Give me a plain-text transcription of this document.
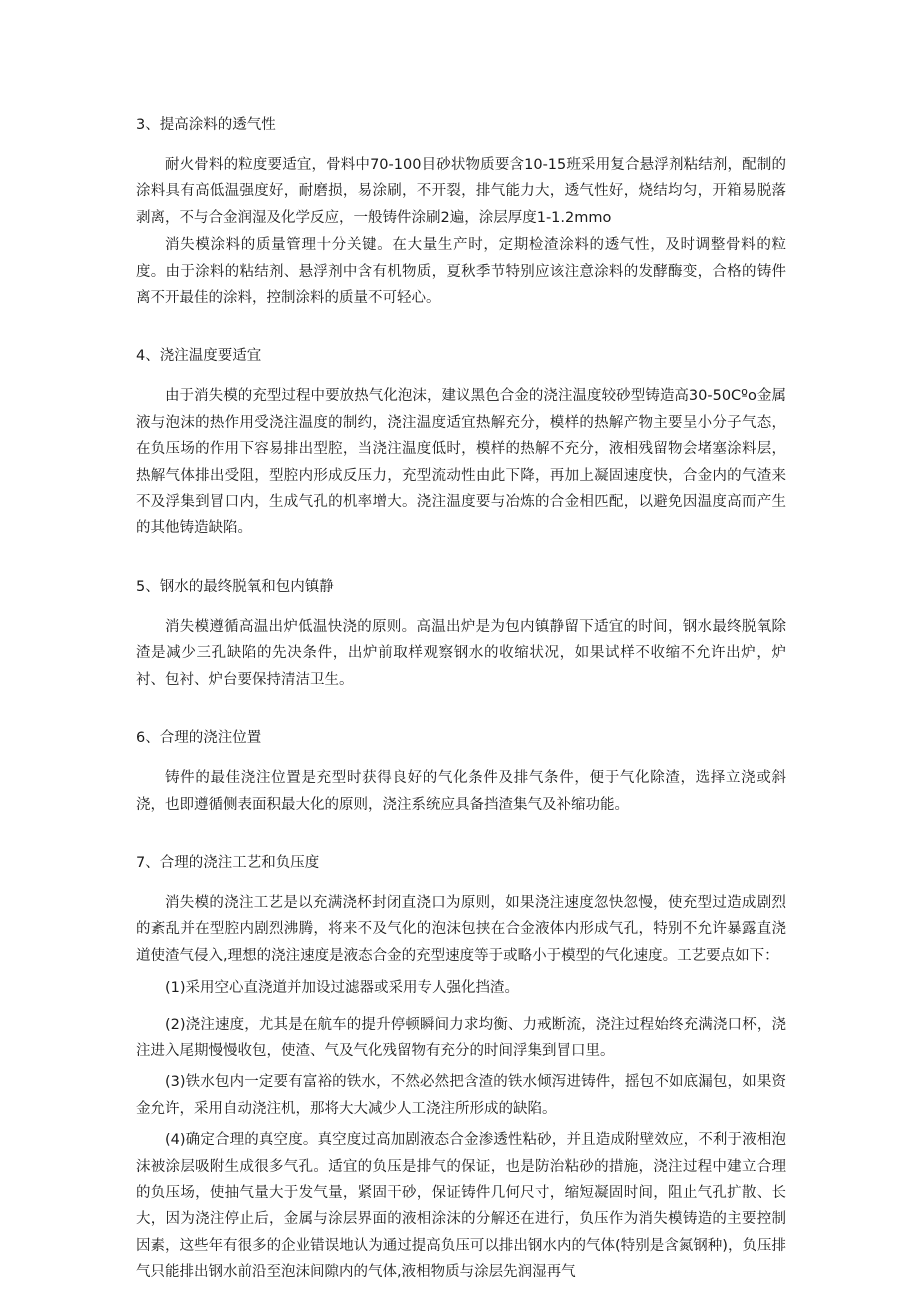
3、提高涂料的透气性

耐火骨料的粒度要适宜，骨料中70-100目砂状物质要含10-15班采用复合悬浮剂粘结剂，配制的涂料具有高低温强度好，耐磨损，易涂刷，不开裂，排气能力大，透气性好，烧结均匀，开箱易脱落剥离，不与合金润湿及化学反应，一般铸件涂刷2遍，涂层厚度1-1.2mmo

消失模涂料的质量管理十分关键。在大量生产时，定期检渣涂料的透气性，及时调整骨料的粒度。由于涂料的粘结剂、悬浮剂中含有机物质，夏秋季节特别应该注意涂料的发酵酶变，合格的铸件离不开最佳的涂料，控制涂料的质量不可轻心。

4、浇注温度要适宜

由于消失模的充型过程中要放热气化泡沫，建议黑色合金的浇注温度较砂型铸造高30-50Cºo金属液与泡沫的热作用受浇注温度的制约，浇注温度适宜热解充分，模样的热解产物主要呈小分子气态，在负压场的作用下容易排出型腔，当浇注温度低时，模样的热解不充分，液相残留物会堵塞涂料层，热解气体排出受阻，型腔内形成反压力，充型流动性由此下降，再加上凝固速度快，合金内的气渣来不及浮集到冒口内，生成气孔的机率增大。浇注温度要与冶炼的合金相匹配，以避免因温度高而产生的其他铸造缺陷。

5、钢水的最终脱氧和包内镇静

消失模遵循高温出炉低温快浇的原则。高温出炉是为包内镇静留下适宜的时间，钢水最终脱氧除渣是减少三孔缺陷的先决条件，出炉前取样观察钢水的收缩状况，如果试样不收缩不允许出炉，炉衬、包衬、炉台要保持清洁卫生。

6、合理的浇注位置

铸件的最佳浇注位置是充型时获得良好的气化条件及排气条件，便于气化除渣，选择立浇或斜浇，也即遵循侧表面积最大化的原则，浇注系统应具备挡渣集气及补缩功能。

7、合理的浇注工艺和负压度

消失模的浇注工艺是以充满浇杯封闭直浇口为原则，如果浇注速度忽快忽慢，使充型过造成剧烈的紊乱并在型腔内剧烈沸腾，将来不及气化的泡沫包挟在合金液体内形成气孔，特别不允许暴露直浇道使渣气侵入,理想的浇注速度是液态合金的充型速度等于或略小于模型的气化速度。工艺要点如下：

(1)采用空心直浇道并加设过滤器或采用专人强化挡渣。

(2)浇注速度，尤其是在航车的提升停顿瞬间力求均衡、力戒断流，浇注过程始终充满浇口杯，浇注进入尾期慢慢收包，使渣、气及气化残留物有充分的时间浮集到冒口里。

(3)铁水包内一定要有富裕的铁水，不然必然把含渣的铁水倾泻进铸件，摇包不如底漏包，如果资金允许，采用自动浇注机，那将大大减少人工浇注所形成的缺陷。

(4)确定合理的真空度。真空度过高加剧液态合金渗透性粘砂，并且造成附壁效应，不利于液相泡沫被涂层吸附生成很多气孔。适宜的负压是排气的保证，也是防治粘砂的措施，浇注过程中建立合理的负压场，使抽气量大于发气量，紧固干砂，保证铸件几何尺寸，缩短凝固时间，阻止气孔扩散、长大，因为浇注停止后，金属与涂层界面的液相涂沫的分解还在进行，负压作为消失模铸造的主要控制因素，这些年有很多的企业错误地认为通过提高负压可以排出钢水内的气体(特别是含氮钢种)，负压排气只能排出钢水前沿至泡沫间隙内的气体,液相物质与涂层先润湿再气
